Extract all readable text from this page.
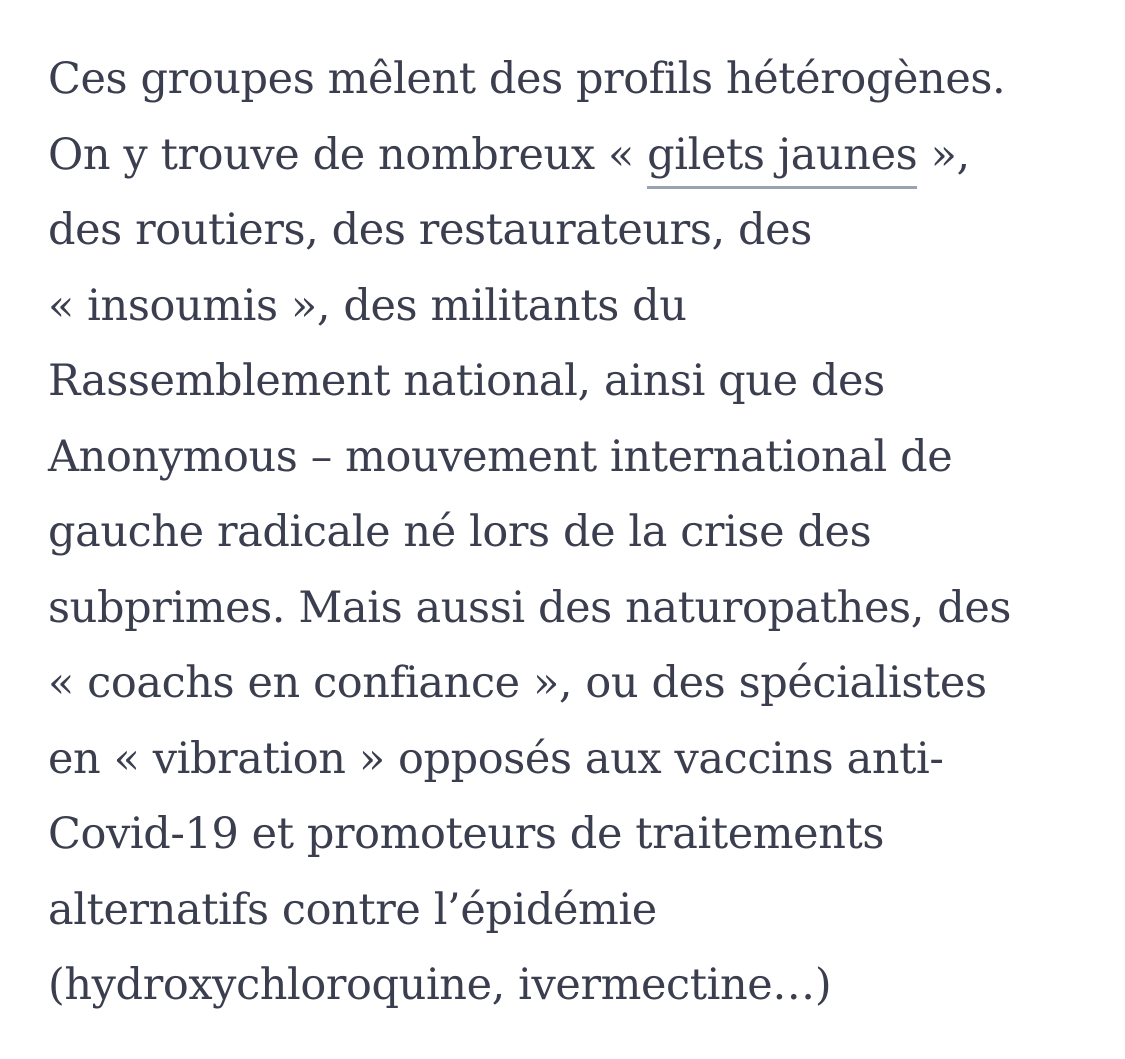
Ces groupes mêlent des profils hétérogènes.
On y trouve de nombreux « gilets jaunes »,
des routiers, des restaurateurs, des
« insoumis », des militants du
Rassemblement national, ainsi que des
Anonymous – mouvement international de
gauche radicale né lors de la crise des
subprimes. Mais aussi des naturopathes, des
« coachs en confiance », ou des spécialistes
en « vibration » opposés aux vaccins anti-
Covid-19 et promoteurs de traitements
alternatifs contre l’épidémie
(hydroxychloroquine, ivermectine…)
